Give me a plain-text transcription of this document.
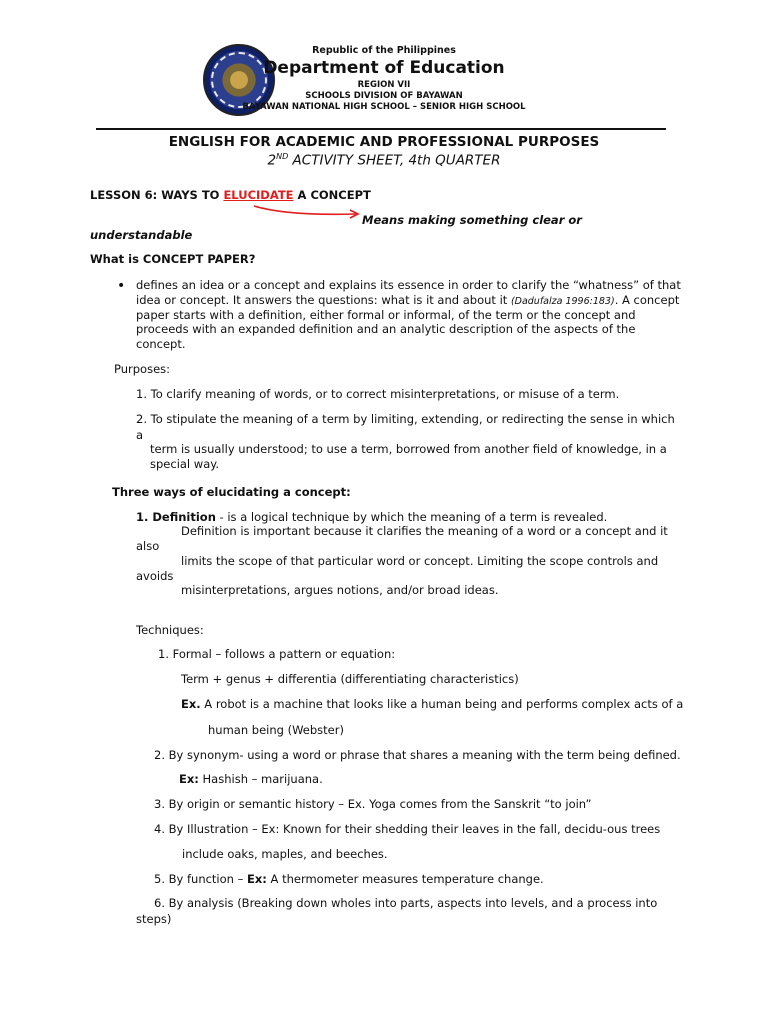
Republic of the Philippines
Department of Education
REGION VII
SCHOOLS DIVISION OF BAYAWAN
BAYAWAN NATIONAL HIGH SCHOOL – SENIOR HIGH SCHOOL
ENGLISH FOR ACADEMIC AND PROFESSIONAL PURPOSES
2ND ACTIVITY SHEET, 4th QUARTER
LESSON 6: WAYS TO ELUCIDATE A CONCEPT
Means making something clear or
understandable
What is CONCEPT PAPER?
• defines an idea or a concept and explains its essence in order to clarify the “whatness” of that
idea or concept. It answers the questions: what is it and about it (Dadufalza 1996:183). A concept
paper starts with a definition, either formal or informal, of the term or the concept and
proceeds with an expanded definition and an analytic description of the aspects of the
concept.
Purposes:
1. To clarify meaning of words, or to correct misinterpretations, or misuse of a term.
2. To stipulate the meaning of a term by limiting, extending, or redirecting the sense in which
a
term is usually understood; to use a term, borrowed from another field of knowledge, in a
special way.
Three ways of elucidating a concept:
1. Definition - is a logical technique by which the meaning of a term is revealed.
Definition is important because it clarifies the meaning of a word or a concept and it
also
limits the scope of that particular word or concept. Limiting the scope controls and
avoids
misinterpretations, argues notions, and/or broad ideas.
Techniques:
1. Formal – follows a pattern or equation:
Term + genus + differentia (differentiating characteristics)
Ex. A robot is a machine that looks like a human being and performs complex acts of a
human being (Webster)
2. By synonym- using a word or phrase that shares a meaning with the term being defined.
Ex: Hashish – marijuana.
3. By origin or semantic history – Ex. Yoga comes from the Sanskrit “to join”
4. By Illustration – Ex: Known for their shedding their leaves in the fall, decidu-ous trees
include oaks, maples, and beeches.
5. By function – Ex: A thermometer measures temperature change.
6. By analysis (Breaking down wholes into parts, aspects into levels, and a process into
steps)
